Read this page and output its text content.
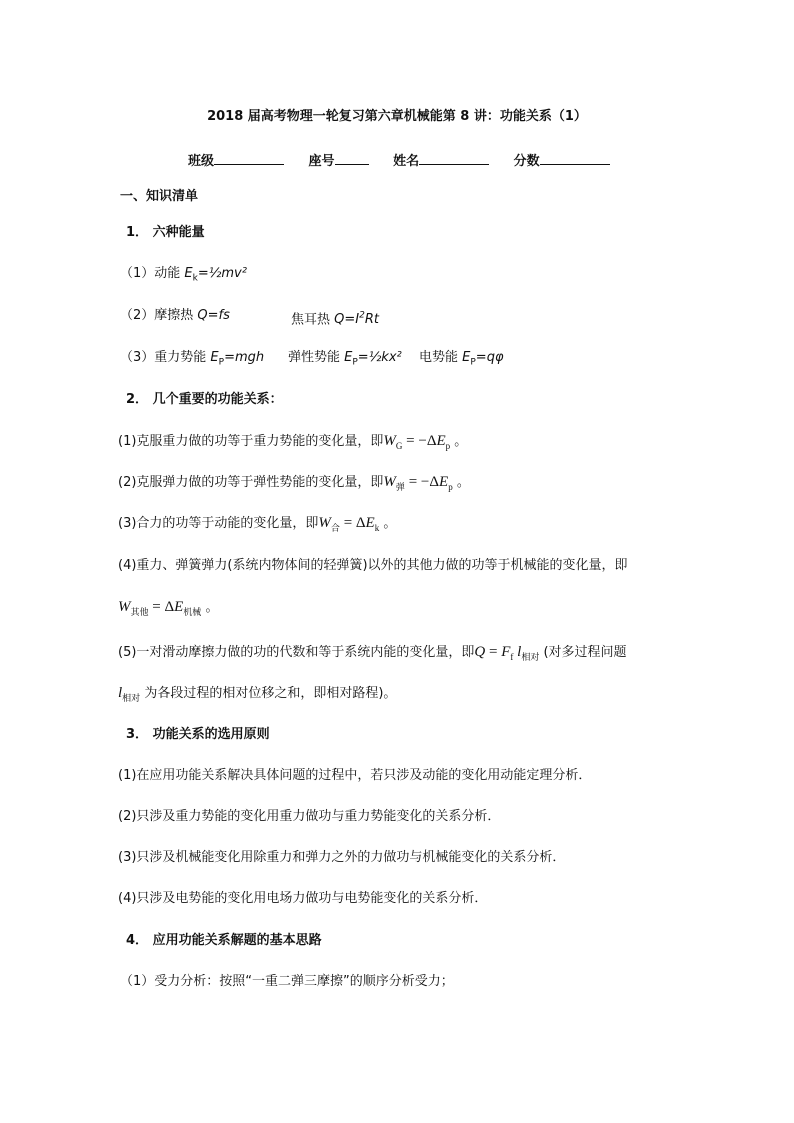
2018 届高考物理一轮复习第六章机械能第 8 讲：功能关系（1）
班级	座号	姓名	分数
一、知识清单
1． 六种能量
（1）动能 $E_k=\frac{1}{2}mv^2$
（2）摩擦热 Q=fs	焦耳热 $Q=I^2Rt$
（3）重力势能 $E_P=mgh$ 弹性势能 $E_P=\frac{1}{2}kx^2$ 电势能 $E_P=q\varphi$
2． 几个重要的功能关系：
(1)克服重力做的功等于重力势能的变化量，即$W_G = -\Delta E_p$ 。
(2)克服弹力做的功等于弹性势能的变化量，即$W_弹 = -\Delta E_p$ 。
(3)合力的功等于动能的变化量，即$W_合 = \Delta E_k$ 。
(4)重力、弹簧弹力(系统内物体间的轻弹簧)以外的其他力做的功等于机械能的变化量，即
$W_{其他} = \Delta E_{机械}$ 。
(5)一对滑动摩擦力做的功的代数和等于系统内能的变化量，即$Q = F_f$ $l_{相对}$ (对多过程问题
$l_{相对}$ 为各段过程的相对位移之和，即相对路程)。
3． 功能关系的选用原则
(1)在应用功能关系解决具体问题的过程中，若只涉及动能的变化用动能定理分析．
(2)只涉及重力势能的变化用重力做功与重力势能变化的关系分析．
(3)只涉及机械能变化用除重力和弹力之外的力做功与机械能变化的关系分析．
(4)只涉及电势能的变化用电场力做功与电势能变化的关系分析．
4． 应用功能关系解题的基本思路
（1）受力分析：按照“一重二弹三摩擦”的顺序分析受力；
